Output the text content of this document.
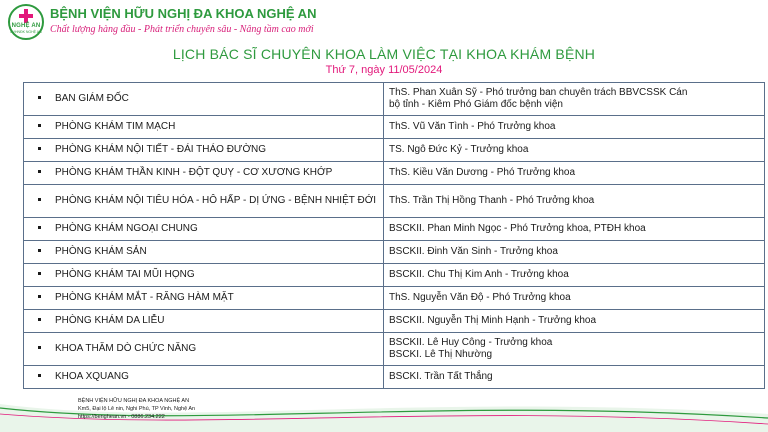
NGHỆ AN
BVHNĐK NGHỆ AN
BỆNH VIỆN HỮU NGHỊ ĐA KHOA NGHỆ AN
Chất lượng hàng đầu - Phát triển chuyên sâu - Nâng tầm cao mới
LỊCH BÁC SĨ CHUYÊN KHOA LÀM VIỆC TẠI KHOA KHÁM BỆNH
Thứ 7, ngày 11/05/2024
BAN GIÁM ĐỐC	ThS. Phan Xuân Sỹ - Phó trưởng ban chuyên trách BBVCSSK Cán
bộ tỉnh - Kiêm Phó Giám đốc bệnh viện

PHÒNG KHÁM TIM MẠCH	ThS. Vũ Văn Tình - Phó Trưởng khoa

PHÒNG KHÁM NỘI TIẾT - ĐÁI THÁO ĐƯỜNG	TS. Ngô Đức Kỷ - Trưởng khoa

PHÒNG KHÁM THẦN KINH - ĐỘT QUỴ - CƠ XƯƠNG KHỚP	ThS. Kiều Văn Dương - Phó Trưởng khoa

PHÒNG KHÁM NỘI TIÊU HÓA - HÔ HẤP - DỊ ỨNG - BỆNH NHIỆT ĐỚI	ThS. Trần Thị Hồng Thanh - Phó Trưởng khoa

PHÒNG KHÁM NGOẠI CHUNG	BSCKII. Phan Minh Ngọc - Phó Trưởng khoa, PTĐH khoa

PHÒNG KHÁM SẢN	BSCKII. Đinh Văn Sinh - Trưởng khoa

PHÒNG KHÁM TAI MŨI HỌNG	BSCKII. Chu Thị Kim Anh - Trưởng khoa

PHÒNG KHÁM MẮT - RĂNG HÀM MẶT	ThS. Nguyễn Văn Độ - Phó Trưởng khoa

PHÒNG KHÁM DA LIỄU	BSCKII. Nguyễn Thị Minh Hạnh - Trưởng khoa

KHOA THĂM DÒ CHỨC NĂNG	BSCKII. Lê Huy Công - Trưởng khoa
BSCKI. Lê Thị Nhường

KHOA XQUANG	BSCKI. Trần Tất Thắng
BỆNH VIỆN HỮU NGHỊ ĐA KHOA NGHỆ AN
Km5, Đại lộ Lê nin, Nghi Phú, TP Vinh, Nghệ An
https://benghean.vn - 0886.234.222
